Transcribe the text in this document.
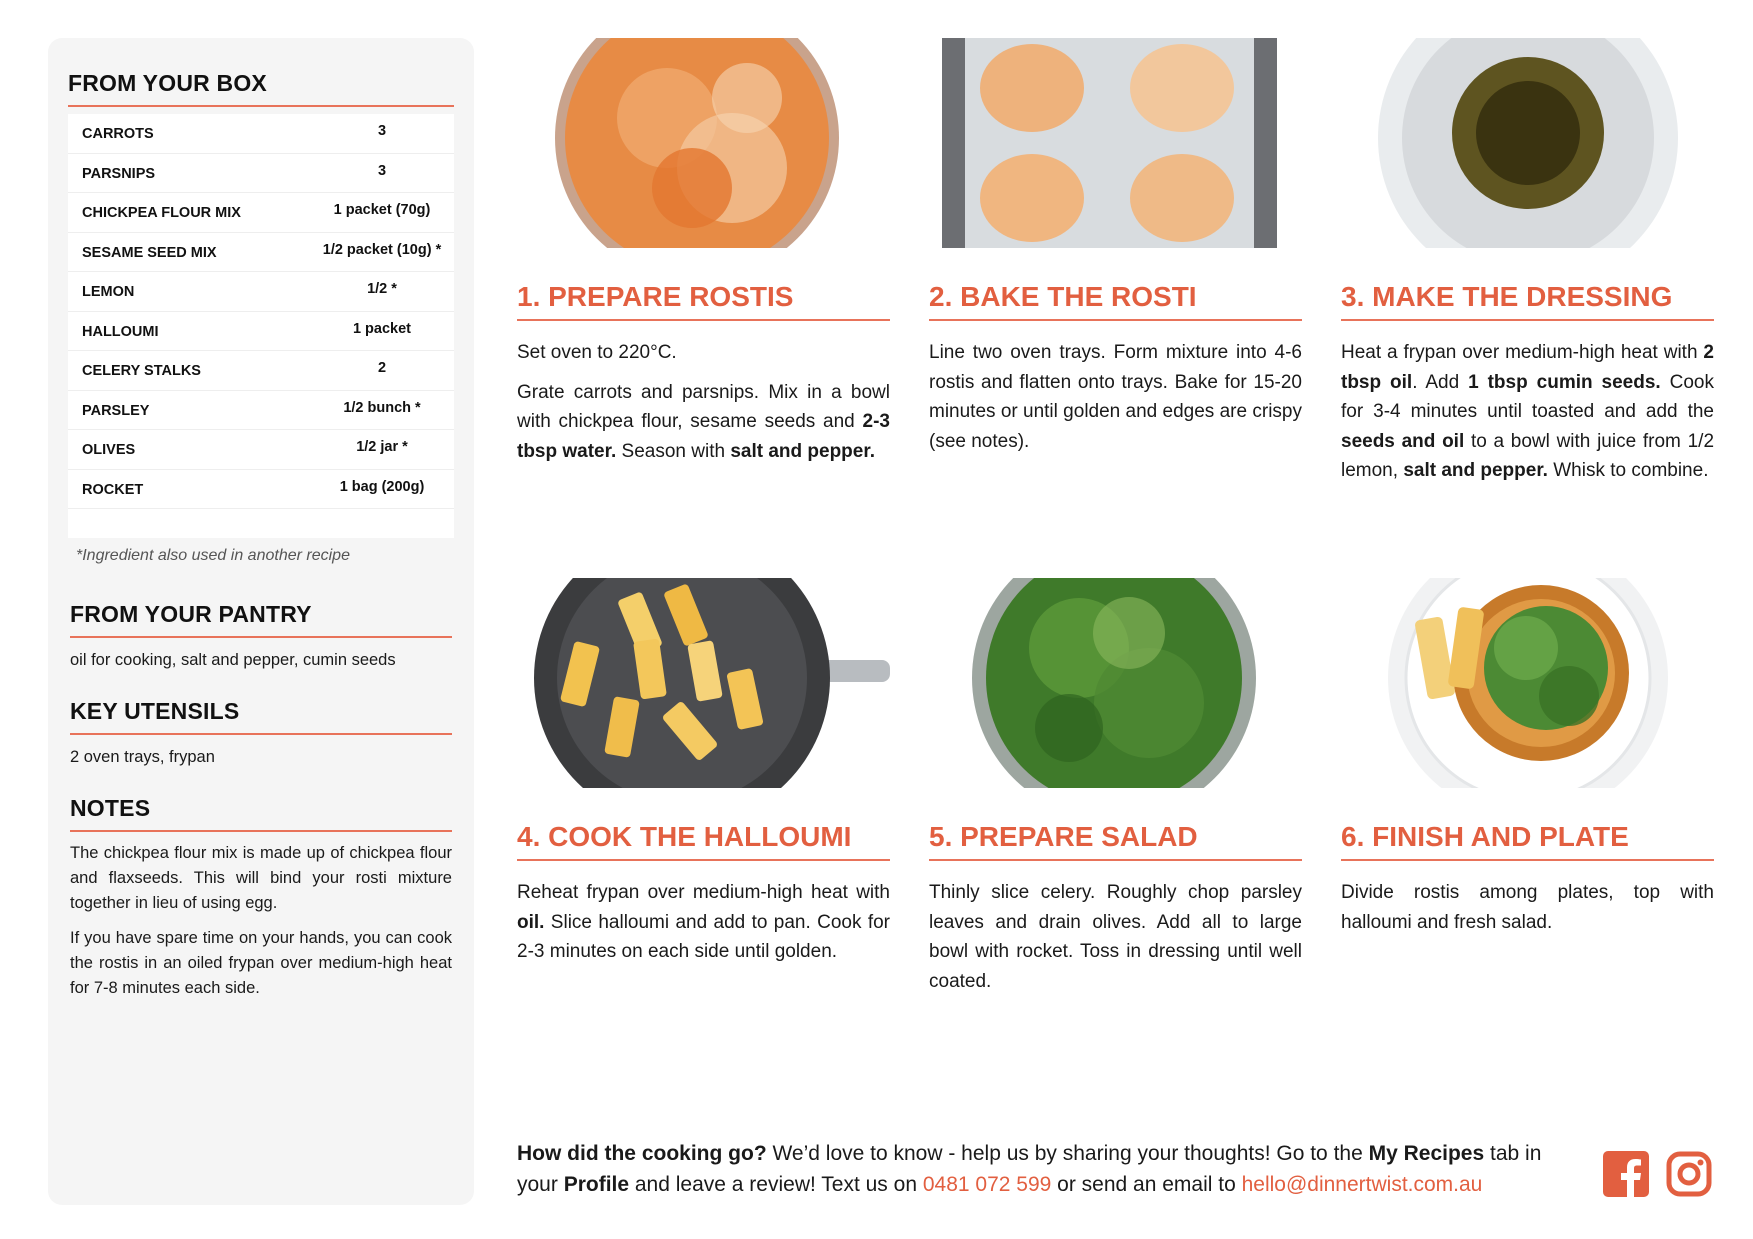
FROM YOUR BOX
CARROTS	3
PARSNIPS	3
CHICKPEA FLOUR MIX	1 packet (70g)
SESAME SEED MIX	1/2 packet (10g) *
LEMON	1/2 *
HALLOUMI	1 packet
CELERY STALKS	2
PARSLEY	1/2 bunch *
OLIVES	1/2 jar *
ROCKET	1 bag (200g)
*Ingredient also used in another recipe
FROM YOUR PANTRY

oil for cooking, salt and pepper, cumin seeds

KEY UTENSILS

2 oven trays, frypan

NOTES

The chickpea flour mix is made up of chickpea flour and flaxseeds. This will bind your rosti mixture together in lieu of using egg.

If you have spare time on your hands, you can cook the rostis in an oiled frypan over medium-high heat for 7-8 minutes each side.

1. PREPARE ROSTIS

Set oven to 220°C.

Grate carrots and parsnips. Mix in a bowl with chickpea flour, sesame seeds and 2-3 tbsp water. Season with salt and pepper.

2. BAKE THE ROSTI

Line two oven trays. Form mixture into 4-6 rostis and flatten onto trays. Bake for 15-20 minutes or until golden and edges are crispy (see notes).

3. MAKE THE DRESSING

Heat a frypan over medium-high heat with 2 tbsp oil. Add 1 tbsp cumin seeds. Cook for 3-4 minutes until toasted and add the seeds and oil to a bowl with juice from 1/2 lemon, salt and pepper. Whisk to combine.

4. COOK THE HALLOUMI

Reheat frypan over medium-high heat with oil. Slice halloumi and add to pan. Cook for 2-3 minutes on each side until golden.

5. PREPARE SALAD

Thinly slice celery. Roughly chop parsley leaves and drain olives. Add all to large bowl with rocket. Toss in dressing until well coated.

6. FINISH AND PLATE

Divide rostis among plates, top with halloumi and fresh salad.

How did the cooking go? We’d love to know - help us by sharing your thoughts! Go to the My Recipes tab in your Profile and leave a review! Text us on 0481 072 599 or send an email to hello@dinnertwist.com.au
